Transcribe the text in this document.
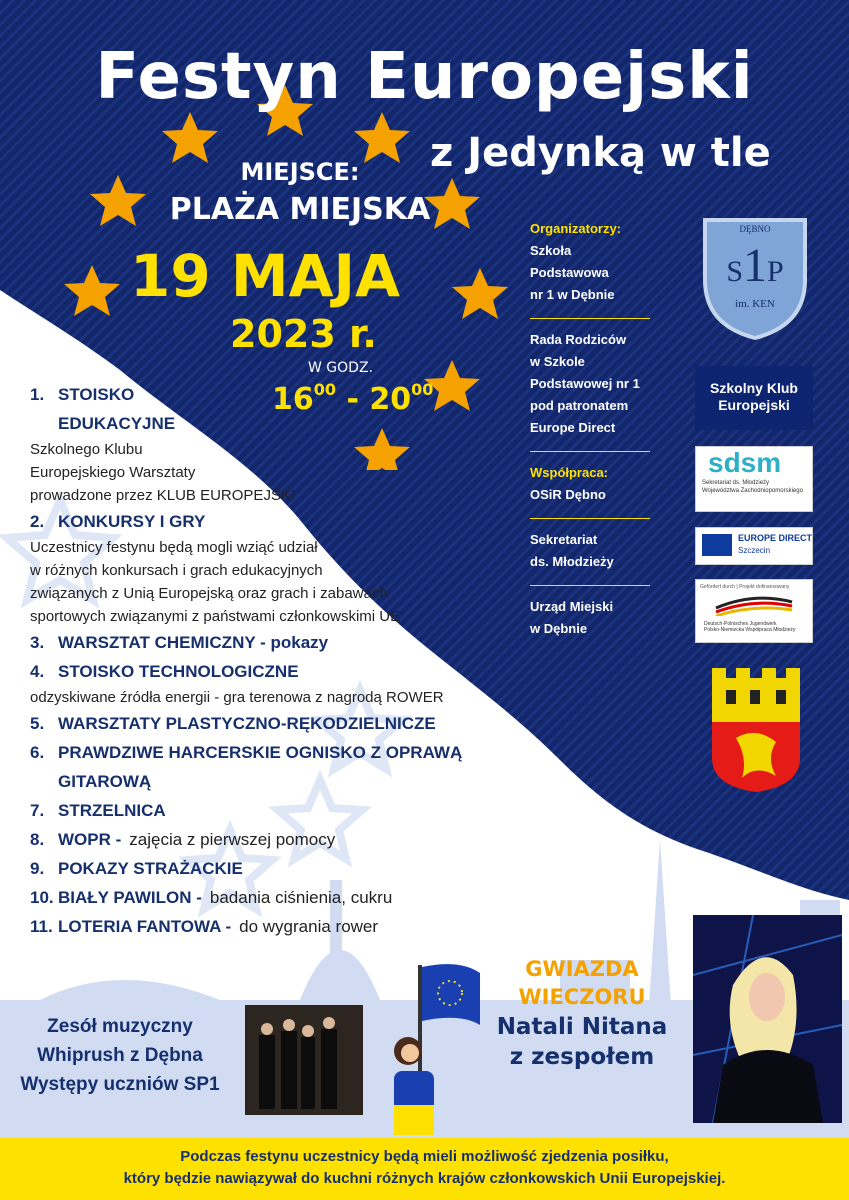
Festyn Europejski
z Jedynką w tle
MIEJSCE:
PLAŻA MIEJSKA
19 MAJA
2023 r.
W GODZ.
$16^{00} - 20^{00}$
1. STOISKO
EDUKACYJNE
Szkolnego Klubu
Europejskiego Warsztaty
prowadzone przez KLUB EUROPEJSKI
2. KONKURSY I GRY
Uczestnicy festynu będą mogli wziąć udział
w różnych konkursach i grach edukacyjnych
związanych z Unią Europejską oraz grach i zabawach
sportowych związanymi z państwami członkowskimi UE
3. WARSZTAT CHEMICZNY - pokazy
4. STOISKO TECHNOLOGICZNE
odzyskiwane źródła energii - gra terenowa z nagrodą ROWER
5. WARSZTATY PLASTYCZNO-RĘKODZIELNICZE
6. PRAWDZIWE HARCERSKIE OGNISKO Z OPRAWĄ GITAROWĄ
7. STRZELNICA
8. WOPR - zajęcia z pierwszej pomocy
9. POKAZY STRAŻACKIE
10. BIAŁY PAWILON - badania ciśnienia, cukru
11. LOTERIA FANTOWA - do wygrania rower
Organizatorzy:
Szkoła Podstawowa
nr 1 w Dębnie
Rada Rodziców
w Szkole Podstawowej nr 1
pod patronatem
Europe Direct
Współpraca:
OSiR Dębno
Sekretariat
ds. Młodzieży
Urząd Miejski
w Dębnie
DĘBNO
S1P
im. KEN
Szkolny Klub
Europejski
sdsm
Sekretariat ds. Młodzieży
Województwa Zachodniopomorskiego
EUROPE DIRECT
Szczecin
Gefördert durch | Projekt dofinansowany
Deutsch-Polnisches Jugendwerk
Polsko-Niemiecka Współpraca Młodzieży
GWIAZDA
WIECZORU
Natali Nitana
z zespołem
Zesół muzyczny
Whiprush z Dębna
Występy uczniów SP1
Podczas festynu uczestnicy będą mieli możliwość zjedzenia posiłku,
który będzie nawiązywał do kuchni różnych krajów członkowskich Unii Europejskiej.
